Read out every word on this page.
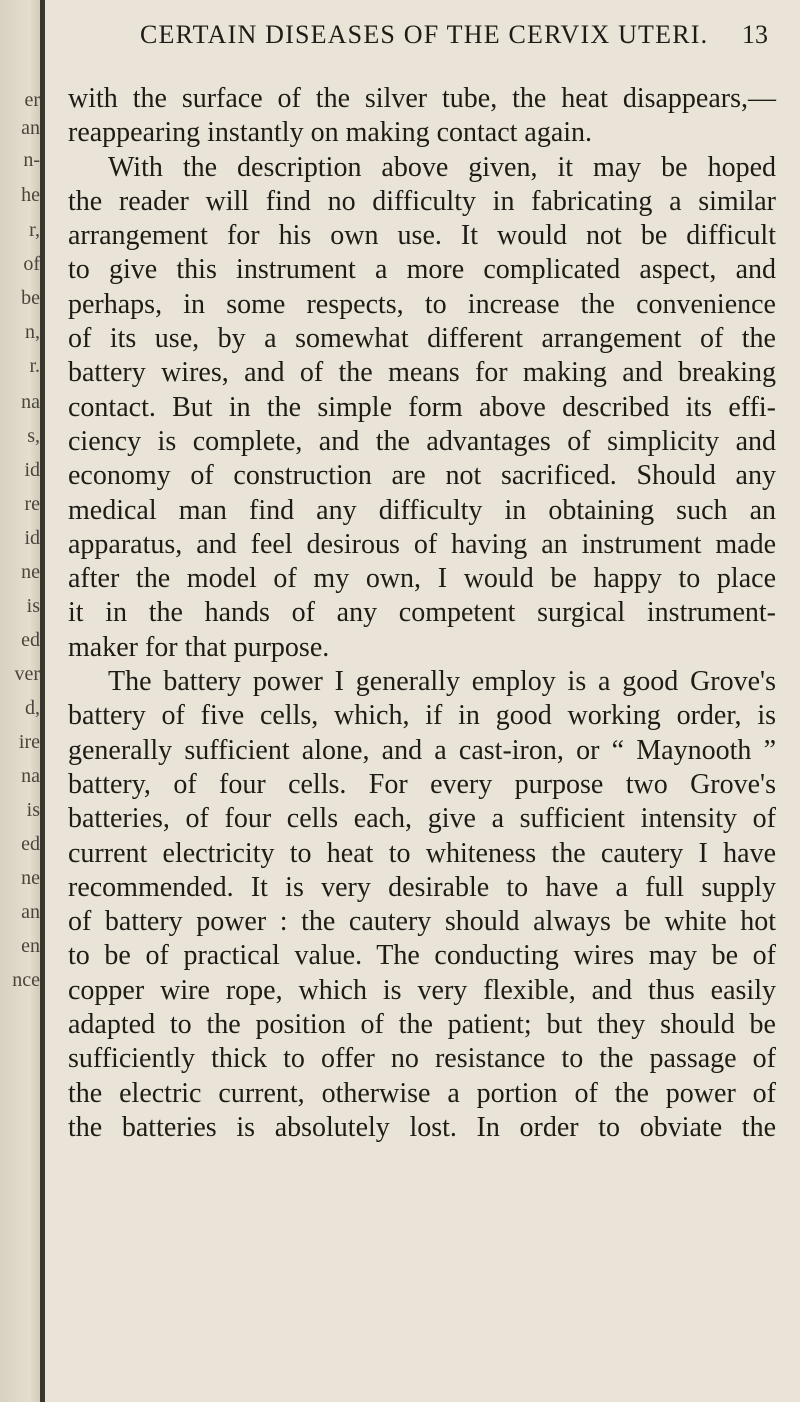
er
an
n-
he
r,
of
be
n,
r.
na
s,
id
re
id
ne
is
ed
ver
d,
ire
na
is
ed
ne
an
en
nce
CERTAIN DISEASES OF THE CERVIX UTERI. 13
with the surface of the silver tube, the heat disappears,—
reappearing instantly on making contact again.
With the description above given, it may be hoped
the reader will find no difficulty in fabricating a similar
arrangement for his own use. It would not be difficult
to give this instrument a more complicated aspect, and
perhaps, in some respects, to increase the convenience
of its use, by a somewhat different arrangement of the
battery wires, and of the means for making and breaking
contact. But in the simple form above described its effi-
ciency is complete, and the advantages of simplicity and
economy of construction are not sacrificed. Should any
medical man find any difficulty in obtaining such an
apparatus, and feel desirous of having an instrument made
after the model of my own, I would be happy to place
it in the hands of any competent surgical instrument-
maker for that purpose.
The battery power I generally employ is a good Grove's
battery of five cells, which, if in good working order, is
generally sufficient alone, and a cast-iron, or “ Maynooth ”
battery, of four cells. For every purpose two Grove's
batteries, of four cells each, give a sufficient intensity of
current electricity to heat to whiteness the cautery I have
recommended. It is very desirable to have a full supply
of battery power : the cautery should always be white hot
to be of practical value. The conducting wires may be of
copper wire rope, which is very flexible, and thus easily
adapted to the position of the patient; but they should be
sufficiently thick to offer no resistance to the passage of
the electric current, otherwise a portion of the power of
the batteries is absolutely lost. In order to obviate the
